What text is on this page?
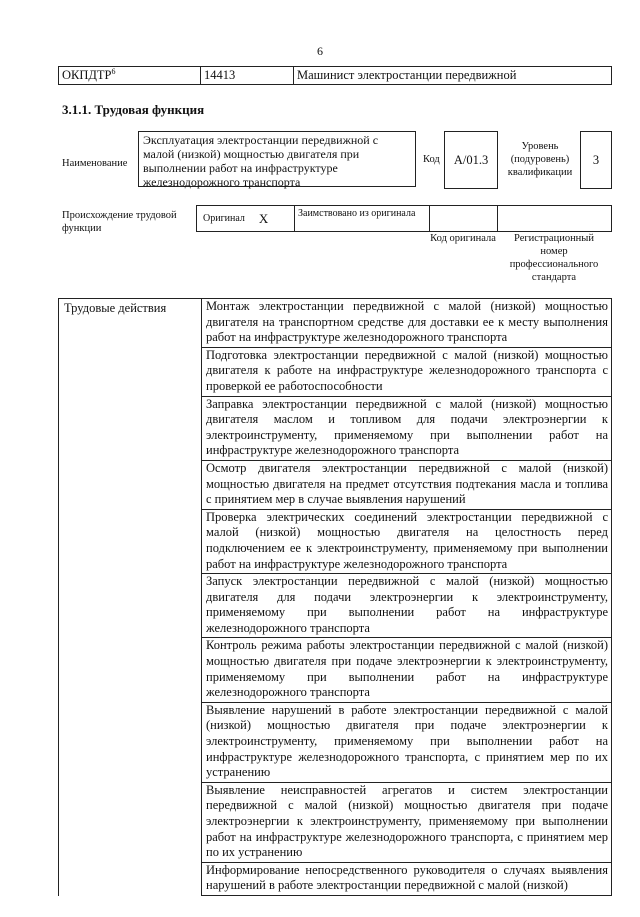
6
ОКПДТР$^6$	14413	Машинист электростанции передвижной
3.1.1. Трудовая функция
Наименование
Эксплуатация электростанции передвижной с малой (низкой) мощностью двигателя при выполнении работ на инфраструктуре железнодорожного транспорта
Код	A/01.3
Уровень (подуровень) квалификации
3
Происхождение трудовой функции
Оригинал X	Заимствовано из оригинала
Код оригинала	Регистрационный номер профессионального стандарта
Трудовые действия	Монтаж электростанции передвижной с малой (низкой) мощностью двигателя на транспортном средстве для доставки ее к месту выполнения работ на инфраструктуре железнодорожного транспорта
Подготовка электростанции передвижной с малой (низкой) мощностью двигателя к работе на инфраструктуре железнодорожного транспорта с проверкой ее работоспособности
Заправка электростанции передвижной с малой (низкой) мощностью двигателя маслом и топливом для подачи электроэнергии к электроинструменту, применяемому при выполнении работ на инфраструктуре железнодорожного транспорта
Осмотр двигателя электростанции передвижной с малой (низкой) мощностью двигателя на предмет отсутствия подтекания масла и топлива с принятием мер в случае выявления нарушений
Проверка электрических соединений электростанции передвижной с малой (низкой) мощностью двигателя на целостность перед подключением ее к электроинструменту, применяемому при выполнении работ на инфраструктуре железнодорожного транспорта
Запуск электростанции передвижной с малой (низкой) мощностью двигателя для подачи электроэнергии к электроинструменту, применяемому при выполнении работ на инфраструктуре железнодорожного транспорта
Контроль режима работы электростанции передвижной с малой (низкой) мощностью двигателя при подаче электроэнергии к электроинструменту, применяемому при выполнении работ на инфраструктуре железнодорожного транспорта
Выявление нарушений в работе электростанции передвижной с малой (низкой) мощностью двигателя при подаче электроэнергии к электроинструменту, применяемому при выполнении работ на инфраструктуре железнодорожного транспорта, с принятием мер по их устранению
Выявление неисправностей агрегатов и систем электростанции передвижной с малой (низкой) мощностью двигателя при подаче электроэнергии к электроинструменту, применяемому при выполнении работ на инфраструктуре железнодорожного транспорта, с принятием мер по их устранению
Информирование непосредственного руководителя о случаях выявления нарушений в работе электростанции передвижной с малой (низкой)
